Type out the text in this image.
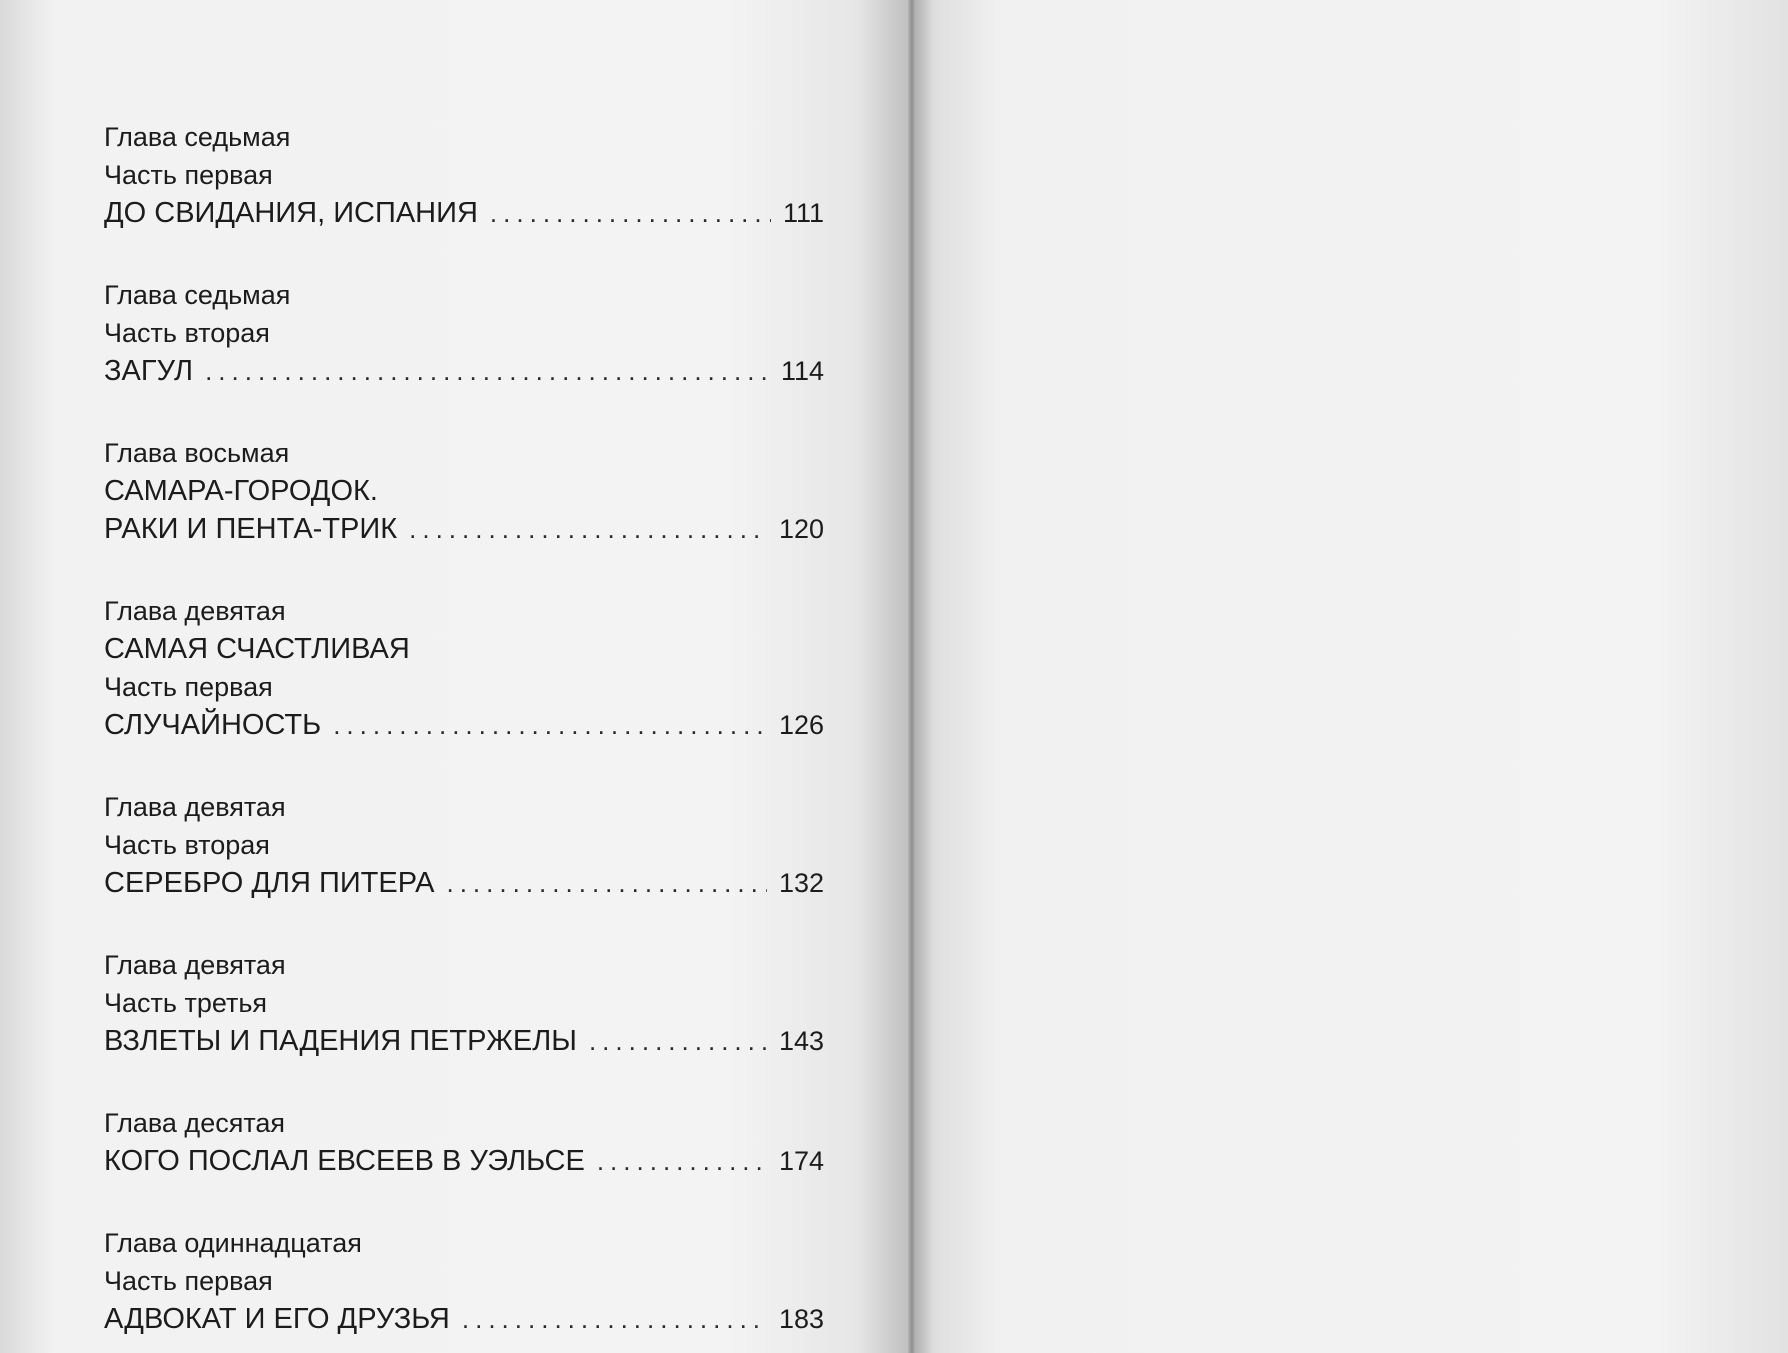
Глава седьмая
Часть первая
ДО СВИДАНИЯ, ИСПАНИЯ .....	111
Глава седьмая
Часть вторая
ЗАГУЛ .....	114
Глава восьмая
САМАРА-ГОРОДОК.
РАКИ И ПЕНТА-ТРИК .....	120
Глава девятая
САМАЯ СЧАСТЛИВАЯ
Часть первая
СЛУЧАЙНОСТЬ .....	126
Глава девятая
Часть вторая
СЕРЕБРО ДЛЯ ПИТЕРА .....	132
Глава девятая
Часть третья
ВЗЛЕТЫ И ПАДЕНИЯ ПЕТРЖЕЛЫ .....	143
Глава десятая
КОГО ПОСЛАЛ ЕВСЕЕВ В УЭЛЬСЕ .....	174
Глава одиннадцатая
Часть первая
АДВОКАТ И ЕГО ДРУЗЬЯ .....	183
